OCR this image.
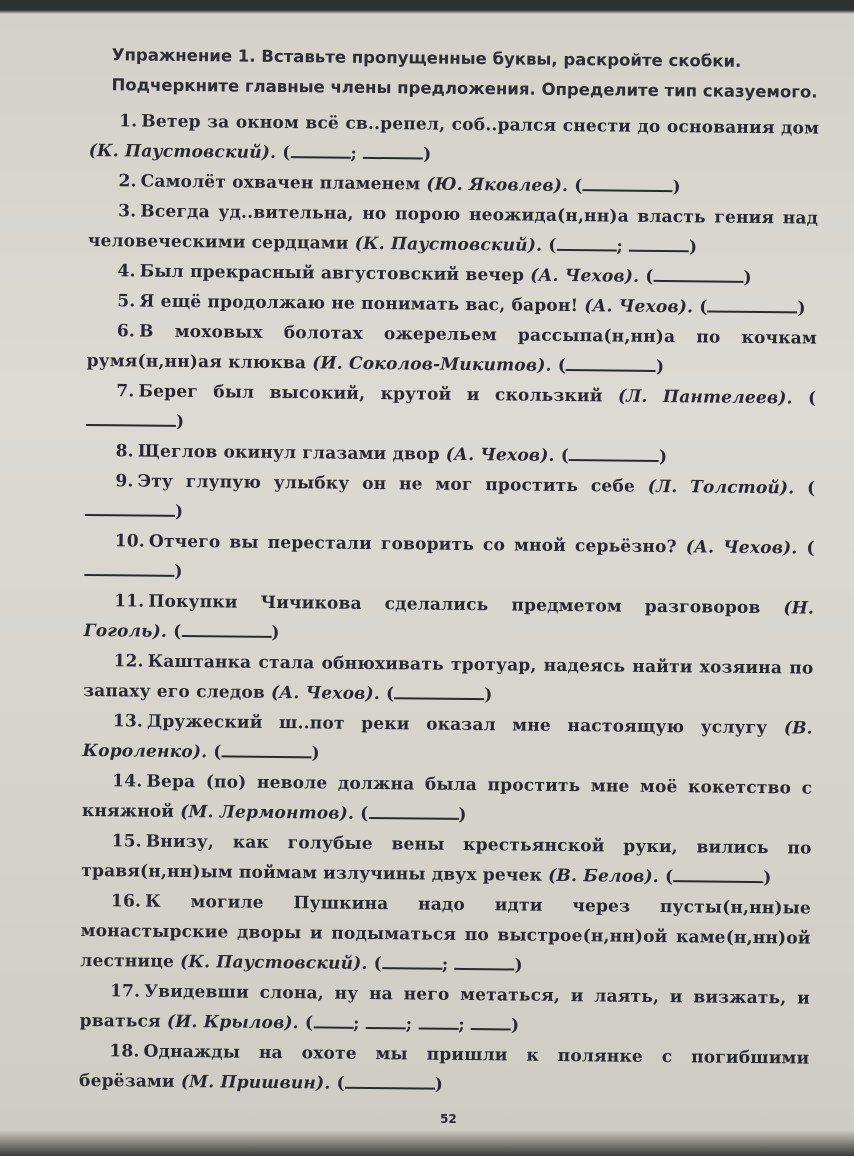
Упражнение 1. Вставьте пропущенные буквы, раскройте скобки. Подчеркните главные члены предложения. Определите тип сказуемого.
1. Ветер за окном всё св..репел, соб..рался снести до основания дом (К. Паустовский). (	;	)
2. Самолёт охвачен пламенем (Ю. Яковлев). (	)
3. Всегда уд..вительна, но порою неожида(н,нн)а власть гения над человеческими сердцами (К. Паустовский). (	;	)
4. Был прекрасный августовский вечер (А. Чехов). (	)
5. Я ещё продолжаю не понимать вас, барон! (А. Чехов). (	)
6. В моховых болотах ожерельем рассыпа(н,нн)а по кочкам румя(н,нн)ая клюква (И. Соколов-Микитов). (	)
7. Берег был высокий, крутой и скользкий (Л. Пантелеев). ()
8. Щеглов окинул глазами двор (А. Чехов). (	)
9. Эту глупую улыбку он не мог простить себе (Л. Толстой). ()
10. Отчего вы перестали говорить со мной серьёзно? (А. Чехов). ()
11. Покупки Чичикова сделались предметом разговоров (Н. Гоголь). (	)
12. Каштанка стала обнюхивать тротуар, надеясь найти хозяина по запаху его следов (А. Чехов). (	)
13. Дружеский ш..пот реки оказал мне настоящую услугу (В. Короленко). (	)
14. Вера (по) неволе должна была простить мне моё кокетство с княжной (М. Лермонтов). (	)
15. Внизу, как голубые вены крестьянской руки, вились по травя(н,нн)ым поймам излучины двух речек (В. Белов). (	)
16. К могиле Пушкина надо идти через пусты(н,нн)ые монастырские дворы и подыматься по выстрое(н,нн)ой каме(н,нн)ой лестнице (К. Паустовский). (	;	)
17. Увидевши слона, ну на него метаться, и лаять, и визжать, и рваться (И. Крылов). ( ; ; ; )
18. Однажды на охоте мы пришли к полянке с погибшими берёзами (М. Пришвин). (	)
52
